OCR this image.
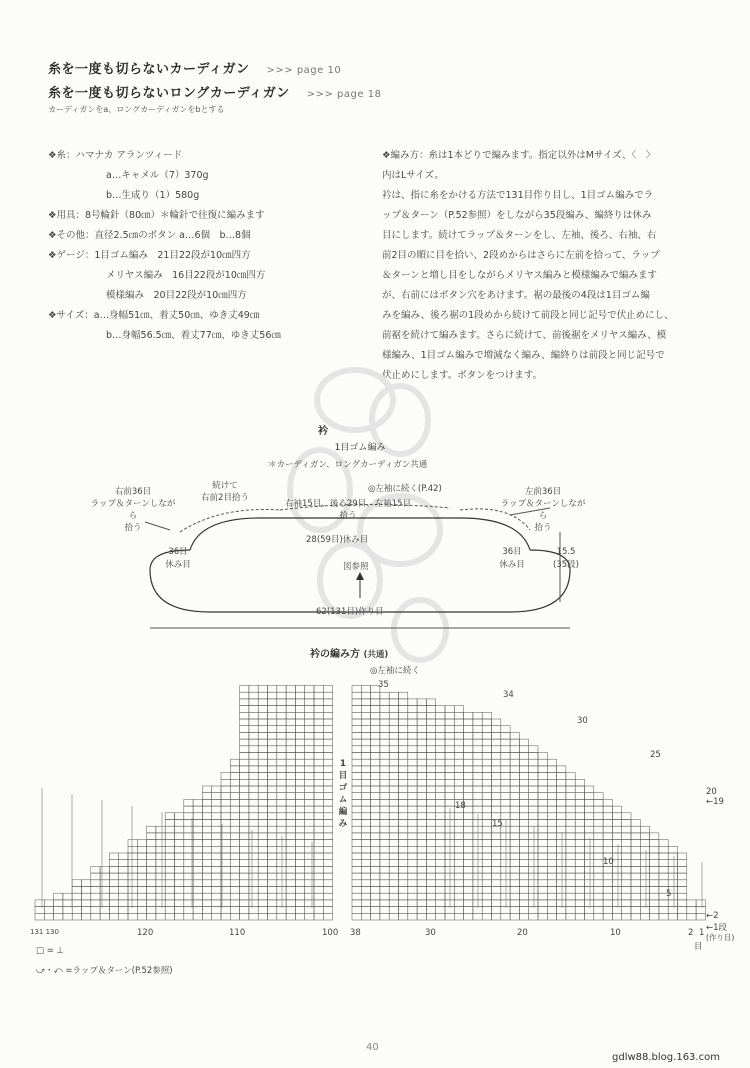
糸を一度も切らないカーディガン >>> page 10
糸を一度も切らないロングカーディガン >>> page 18
カーディガンをa、ロングカーディガンをbとする
❖糸：ハマナカ アランツィード
a…キャメル（7）370g
b…生成り（1）580g
❖用具：8号輪針（80㎝）＊輪針で往復に編みます
❖その他：直径2.5㎝のボタン a…6個　b…8個
❖ゲージ：1目ゴム編み　21目22段が10㎝四方
メリヤス編み　16目22段が10㎝四方
模様編み　20目22段が10㎝四方
❖サイズ：a…身幅51㎝、着丈50㎝、ゆき丈49㎝
b…身幅56.5㎝、着丈77㎝、ゆき丈56㎝
❖編み方：糸は1本どりで編みます。指定以外はMサイズ、〈　〉
内はLサイズ。
衿は、指に糸をかける方法で131目作り目し、1目ゴム編みでラ
ップ＆ターン（P.52参照）をしながら35段編み、編終りは休み
目にします。続けてラップ＆ターンをし、左袖、後ろ、右袖、右
前2目の順に目を拾い、2段めからはさらに左前を拾って、ラップ
＆ターンと増し目をしながらメリヤス編みと模様編みで編みます
が、右前にはボタン穴をあけます。裾の最後の4段は1目ゴム編
みを編み、後ろ裾の1段めから続けて前段と同じ記号で伏止めにし、
前裾を続けて編みます。さらに続けて、前後裾をメリヤス編み、模
様編み、1目ゴム編みで増減なく編み、編終りは前段と同じ記号で
伏止めにします。ボタンをつけます。
衿
1目ゴム編み
＊カーディガン、ロングカーディガン共通
右前36目
ラップ＆ターンしながら
拾う
続けて
右前2目拾う
◎左袖に続く(P.42)
右袖15目、後ろ29目、左袖15目
拾う
左前36目
ラップ＆ターンしながら
拾う
28(59目)休み目
36目
休み目
36目
休み目
15.5
(35段)
図参照
62(131目)作り目
衿の編み方 (共通)
◎左袖に続く
1目ゴム編み
35
34
30
25
20
←19
18
15
10
5
←2
←1段
(作り目)
131 130	120	110	100 38	30	20	10	2 1
目
□ = ⊥
⤻・⤺ =ラップ＆ターン(P.52参照)
40
gdlw88.blog.163.com
